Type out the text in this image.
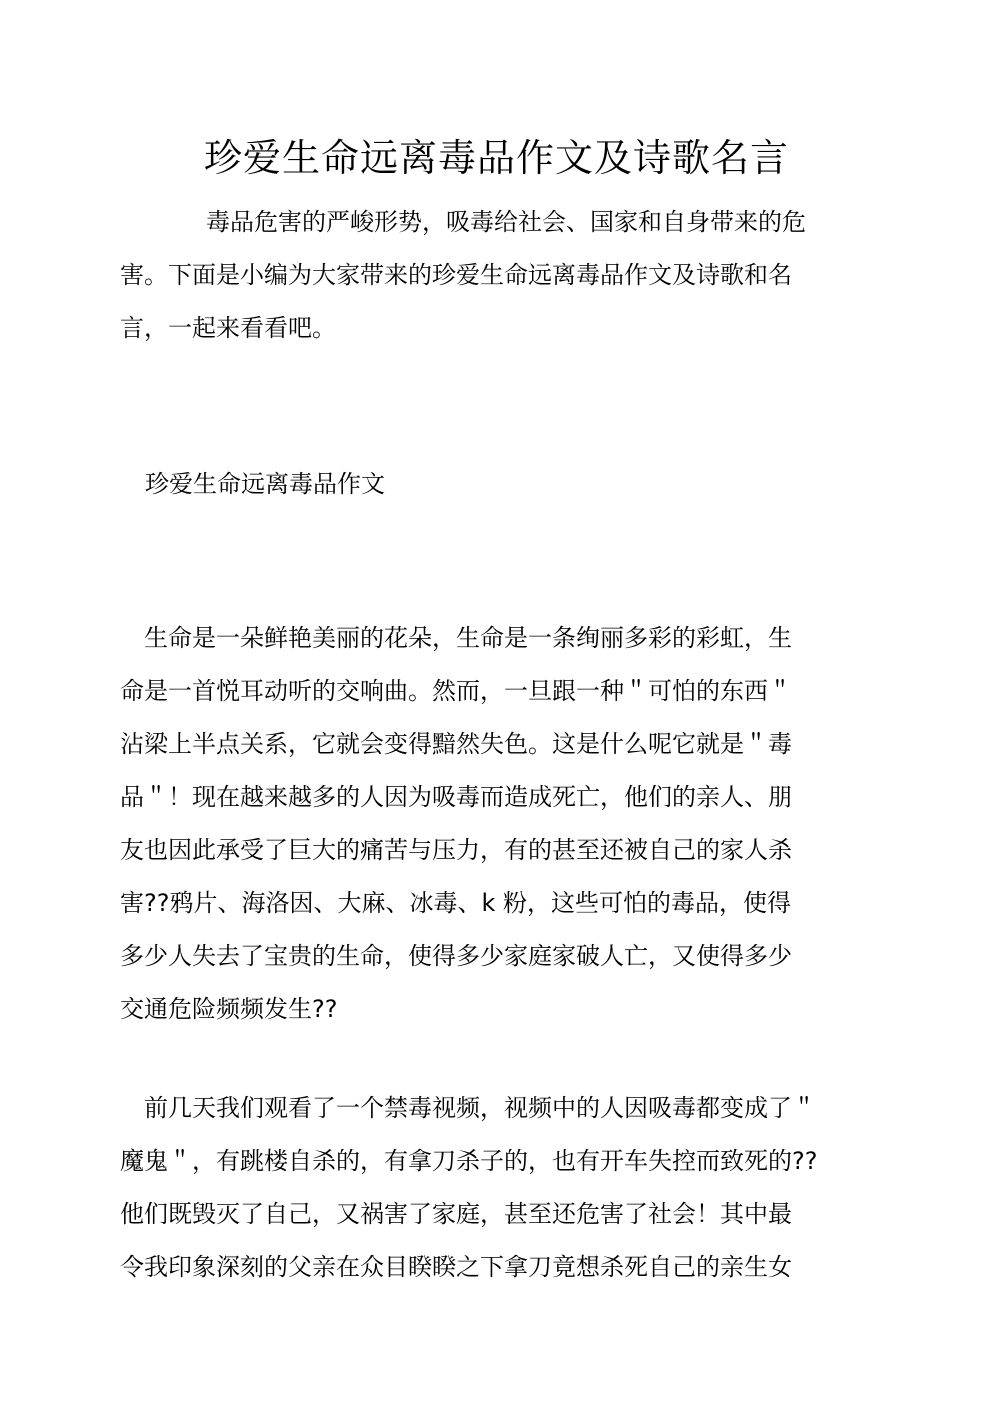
珍爱生命远离毒品作文及诗歌名言
毒品危害的严峻形势，吸毒给社会、国家和自身带来的危
害。下面是小编为大家带来的珍爱生命远离毒品作文及诗歌和名
言，一起来看看吧。
珍爱生命远离毒品作文
生命是一朵鲜艳美丽的花朵，生命是一条绚丽多彩的彩虹，生
命是一首悦耳动听的交响曲。然而，一旦跟一种＂可怕的东西＂
沾梁上半点关系，它就会变得黯然失色。这是什么呢它就是＂毒
品＂！现在越来越多的人因为吸毒而造成死亡，他们的亲人、朋
友也因此承受了巨大的痛苦与压力，有的甚至还被自己的家人杀
害??鸦片、海洛因、大麻、冰毒、k 粉，这些可怕的毒品，使得
多少人失去了宝贵的生命，使得多少家庭家破人亡，又使得多少
交通危险频频发生??
前几天我们观看了一个禁毒视频，视频中的人因吸毒都变成了＂
魔鬼＂，有跳楼自杀的，有拿刀杀子的，也有开车失控而致死的??
他们既毁灭了自己，又祸害了家庭，甚至还危害了社会！其中最
令我印象深刻的父亲在众目睽睽之下拿刀竟想杀死自己的亲生女
